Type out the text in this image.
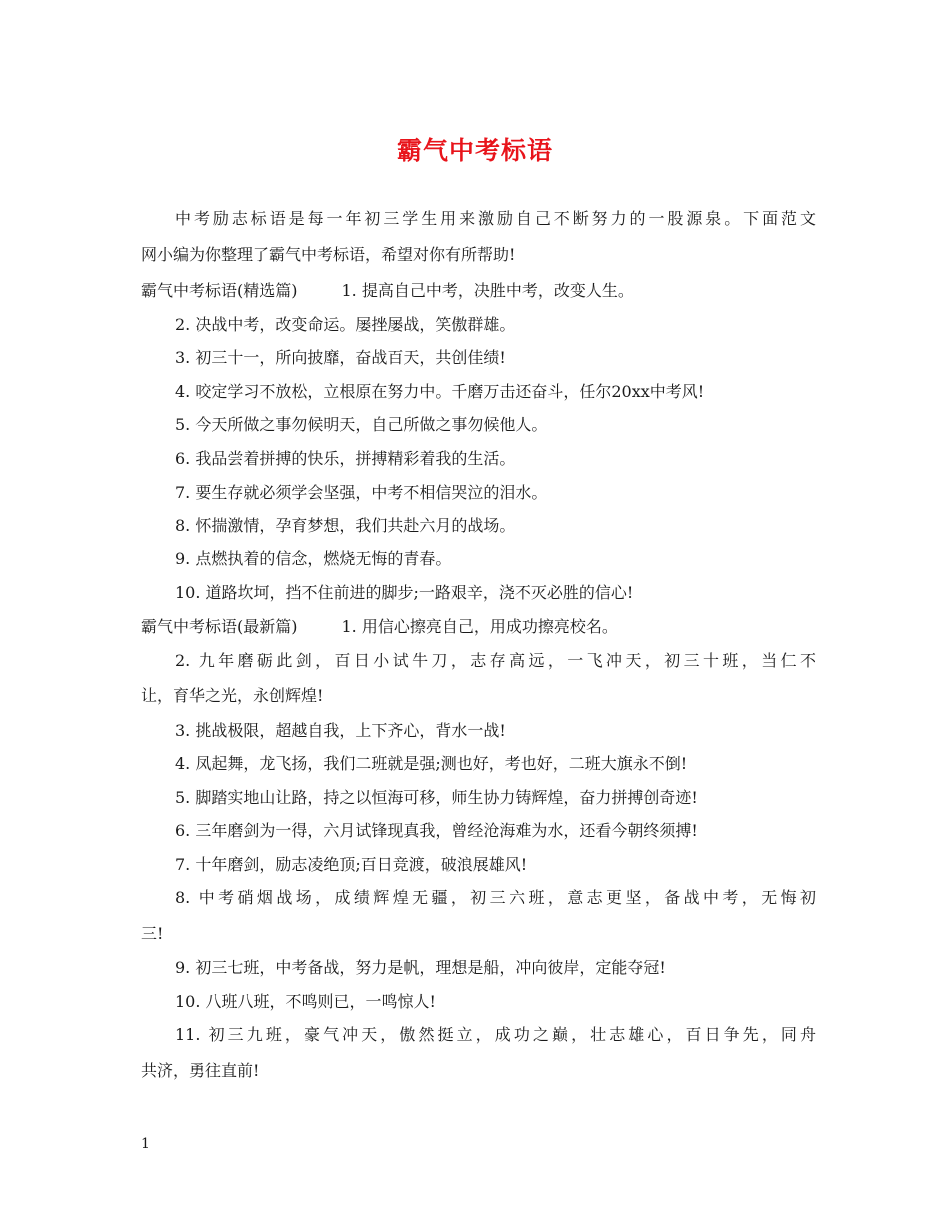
霸气中考标语
中考励志标语是每一年初三学生用来激励自己不断努力的一股源泉。下面范文
网小编为你整理了霸气中考标语，希望对你有所帮助!
霸气中考标语(精选篇)	1. 提高自己中考，决胜中考，改变人生。
2. 决战中考，改变命运。屡挫屡战，笑傲群雄。
3. 初三十一，所向披靡，奋战百天，共创佳绩!
4. 咬定学习不放松，立根原在努力中。千磨万击还奋斗，任尔20xx中考风!
5. 今天所做之事勿候明天，自己所做之事勿候他人。
6. 我品尝着拼搏的快乐，拼搏精彩着我的生活。
7. 要生存就必须学会坚强，中考不相信哭泣的泪水。
8. 怀揣激情，孕育梦想，我们共赴六月的战场。
9. 点燃执着的信念，燃烧无悔的青春。
10. 道路坎坷，挡不住前进的脚步;一路艰辛，浇不灭必胜的信心!
霸气中考标语(最新篇)	1. 用信心擦亮自己，用成功擦亮校名。
2. 九年磨砺此剑，百日小试牛刀，志存高远，一飞冲天，初三十班，当仁不
让，育华之光，永创辉煌!
3. 挑战极限，超越自我，上下齐心，背水一战!
4. 凤起舞，龙飞扬，我们二班就是强;测也好，考也好，二班大旗永不倒!
5. 脚踏实地山让路，持之以恒海可移，师生协力铸辉煌，奋力拼搏创奇迹!
6. 三年磨剑为一得，六月试锋现真我，曾经沧海难为水，还看今朝终须搏!
7. 十年磨剑，励志凌绝顶;百日竞渡，破浪展雄风!
8. 中考硝烟战场，成绩辉煌无疆，初三六班，意志更坚，备战中考，无悔初
三!
9. 初三七班，中考备战，努力是帆，理想是船，冲向彼岸，定能夺冠!
10. 八班八班，不鸣则已，一鸣惊人!
11. 初三九班，豪气冲天，傲然挺立，成功之巅，壮志雄心，百日争先，同舟
共济，勇往直前!
1
